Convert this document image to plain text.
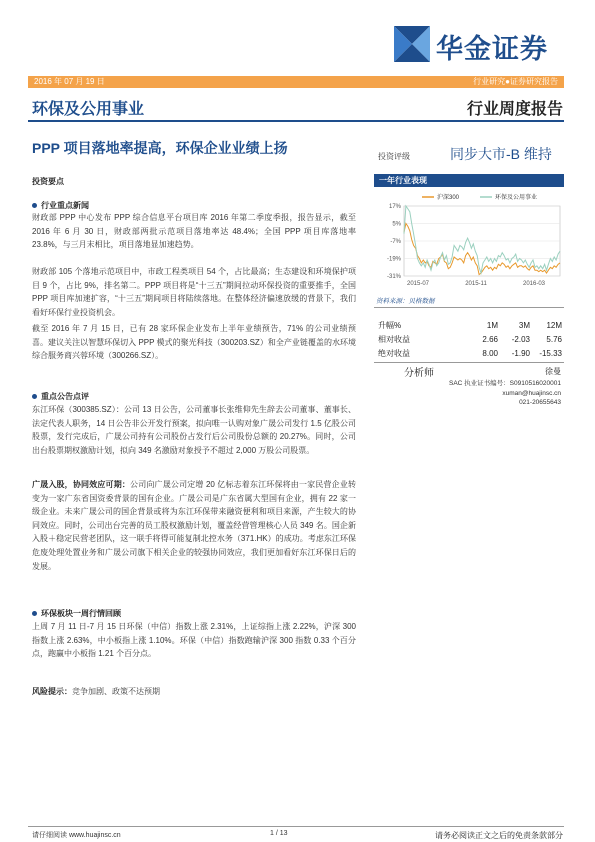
华金证券
2016 年 07 月 19 日	行业研究●证券研究报告
环保及公用事业	行业周度报告
PPP 项目落地率提高，环保企业业绩上扬
投资评级	同步大市-B 维持
投资要点
行业重点新闻
财政部 PPP 中心发布 PPP 综合信息平台项目库 2016 年第二季度季报，报告显示，截至 2016 年 6 月 30 日，财政部两批示范项目落地率达 48.4%；全国 PPP 项目库落地率 23.8%，与三月末相比，项目落地显加速趋势。
财政部 105 个落地示范项目中，市政工程类项目 54 个，占比最高；生态建设和环境保护项目 9 个，占比 9%，排名第二。PPP 项目将是“十三五”期间拉动环保投资的重要推手，全国 PPP 项目库加速扩容，“十三五”期间项目将陆续落地。在整体经济偏速放缓的背景下，我们看好环保行业投资机会。
截至 2016 年 7 月 15 日，已有 28 家环保企业发布上半年业绩预告，71% 的公司业绩预喜。建议关注以智慧环保切入 PPP 模式的聚光科技（300203.SZ）和全产业链覆盖的水环境综合服务商兴蓉环境（300266.SZ）。
重点公告点评
东江环保（300385.SZ）：公司 13 日公告，公司董事长张维仰先生辞去公司董事、董事长、法定代表人职务，14 日公告非公开发行预案，拟向唯一认购对象广晟公司发行 1.5 亿股公司股票，发行完成后，广晟公司持有公司股份占发行后公司股份总额的 20.27%。同时，公司出台股票期权激励计划，拟向 349 名激励对象授予不超过 2,000 万股公司股票。
广晟入股，协同效应可期：公司向广晟公司定增 20 亿标志着东江环保将由一家民营企业转变为一家广东省国资委背景的国有企业。广晟公司是广东省属大型国有企业，拥有 22 家一级企业。未来广晟公司的国企背景或将为东江环保带来融资便利和项目来源，产生较大的协同效应。同时，公司出台完善的员工股权激励计划，覆盖经营管理核心人员 349 名。国企新入股＋稳定民营老团队，这一联手将得可能复制北控水务（371.HK）的成功。考虑东江环保危废处理处置业务和广晟公司旗下相关企业的较强协同效应，我们更加看好东江环保日后的发展。
环保板块一周行情回顾
上周 7 月 11 日-7 月 15 日环保（中信）指数上涨 2.31%，上证综指上涨 2.22%，沪深 300 指数上涨 2.63%，中小板指上涨 1.10%。环保（中信）指数跑输沪深 300 指数 0.33 个百分点，跑赢中小板指 1.21 个百分点。
风险提示：竞争加剧、政策不达预期
一年行业表现
17%
5%
-7%
-19%
-31%
2015-07	2015-11	2016-03
沪深300	环保及公用事业
资料来源：贝格数据
升幅%	1M	3M	12M
相对收益	2.66	-2.03	5.76
绝对收益	8.00	-1.90	-15.33
分析师	徐曼
SAC 执业证书编号：S0910516020001
xuman@huajinsc.cn
021-20655643
请仔细阅读 www.huajinsc.cn	1 / 13	请务必阅读正文之后的免责条款部分
